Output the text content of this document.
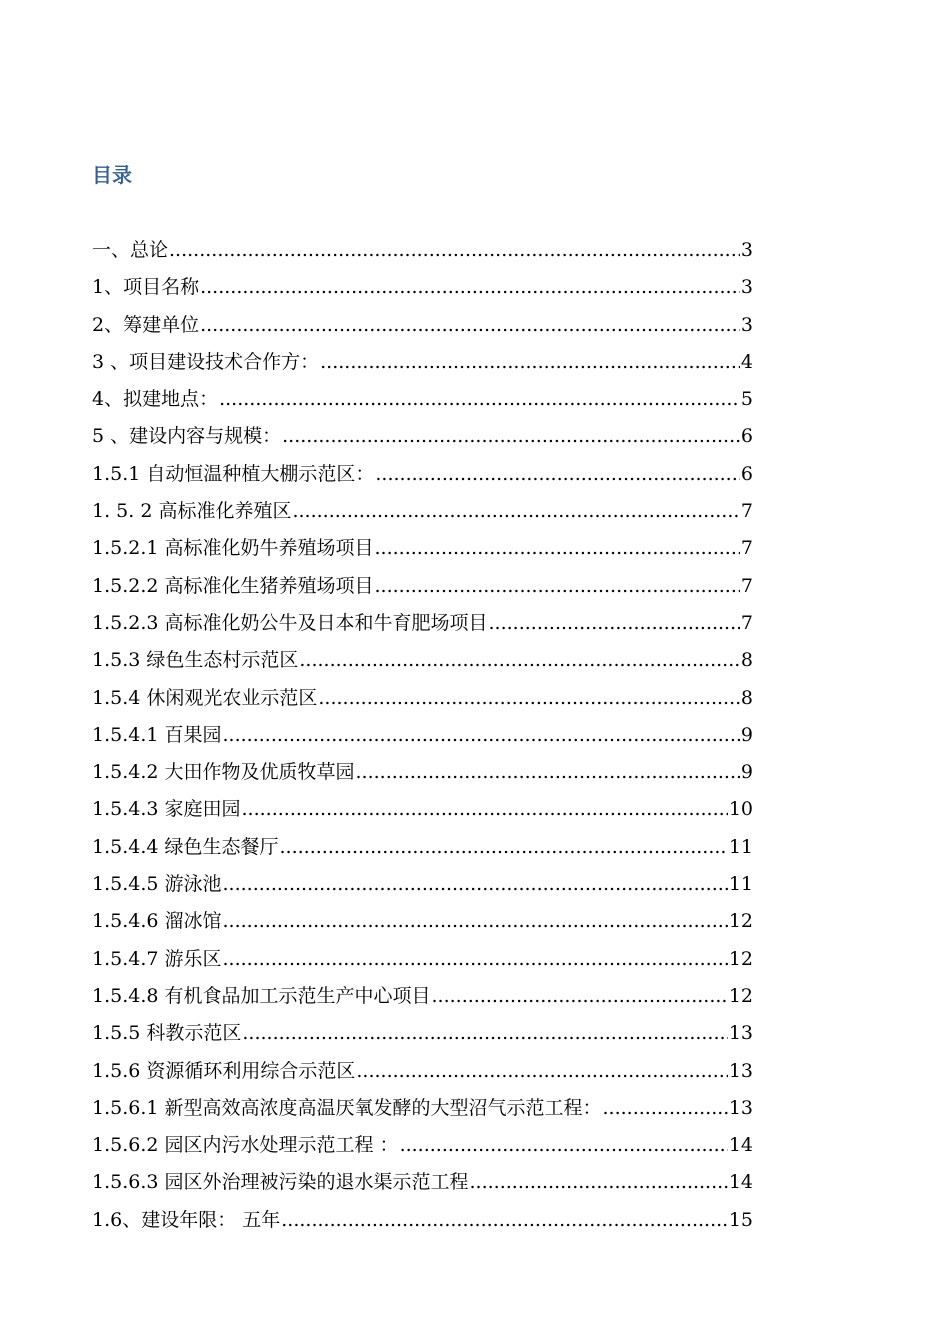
目录
一、总论 .....	3
1、项目名称 .....	3
2、筹建单位 .....	3
3 、项目建设技术合作方： .....	4
4、拟建地点： .....	5
5 、建设内容与规模： .....	6
1.5.1 自动恒温种植大棚示范区： .....	6
1. 5. 2 高标准化养殖区 .....	7
1.5.2.1 高标准化奶牛养殖场项目 .....	7
1.5.2.2 高标准化生猪养殖场项目 .....	7
1.5.2.3 高标准化奶公牛及日本和牛育肥场项目 .....	7
1.5.3 绿色生态村示范区 .....	8
1.5.4 休闲观光农业示范区 .....	8
1.5.4.1 百果园 .....	9
1.5.4.2 大田作物及优质牧草园 .....	9
1.5.4.3 家庭田园 .....	10
1.5.4.4 绿色生态餐厅 .....	11
1.5.4.5 游泳池 .....	11
1.5.4.6 溜冰馆 .....	12
1.5.4.7 游乐区 .....	12
1.5.4.8 有机食品加工示范生产中心项目 .....	12
1.5.5 科教示范区 .....	13
1.5.6 资源循环利用综合示范区 .....	13
1.5.6.1 新型高效高浓度高温厌氧发酵的大型沼气示范工程： .....	13
1.5.6.2 园区内污水处理示范工程 ： .....	14
1.5.6.3 园区外治理被污染的退水渠示范工程 .....	14
1.6、建设年限： 五年 .....	15
